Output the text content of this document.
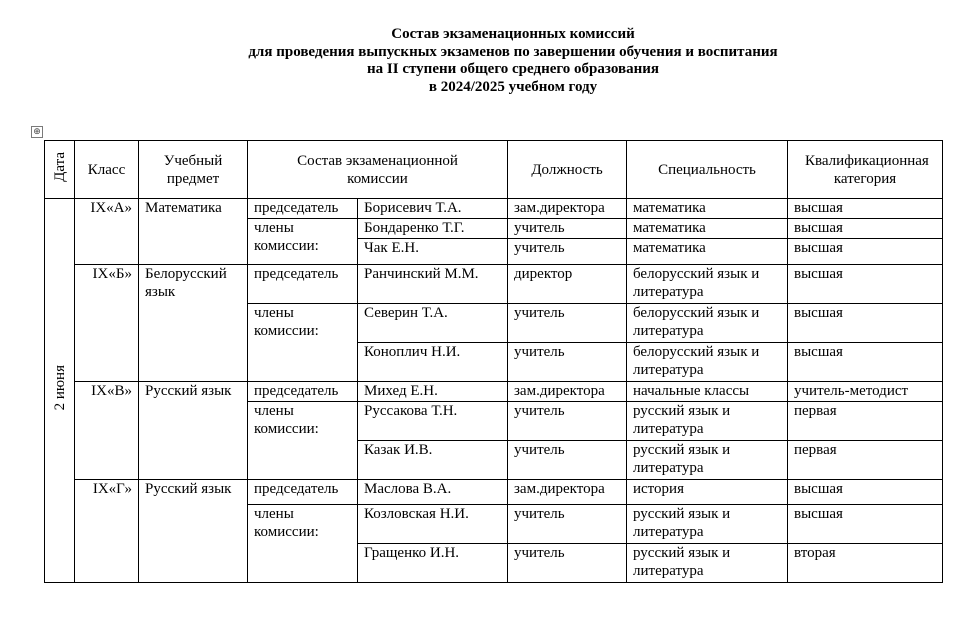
Состав экзаменационных комиссий
для проведения выпускных экзаменов по завершении обучения и воспитания
на II ступени общего среднего образования
в 2024/2025 учебном году
⊕
Дата	Класс	Учебный предмет	Состав экзаменационной комиссии		Должность	Специальность	Квалификационная категория

2 июня	IX«А»	Математика	председатель	Борисевич Т.А.	зам.директора	математика	высшая
			члены комиссии:	Бондаренко Т.Г.	учитель	математика	высшая
				Чак Е.Н.	учитель	математика	высшая
	IX«Б»	Белорусский язык	председатель	Ранчинский М.М.	директор	белорусский язык и литература	высшая
			члены комиссии:	Северин Т.А.	учитель	белорусский язык и литература	высшая
				Коноплич Н.И.	учитель	белорусский язык и литература	высшая
	IX«В»	Русский язык	председатель	Михед Е.Н.	зам.директора	начальные классы	учитель-методист
			члены комиссии:	Руссакова Т.Н.	учитель	русский язык и литература	первая
				Казак И.В.	учитель	русский язык и литература	первая
	IX«Г»	Русский язык	председатель	Маслова В.А.	зам.директора	история	высшая
			члены комиссии:	Козловская Н.И.	учитель	русский язык и литература	высшая
				Гращенко И.Н.	учитель	русский язык и литература	вторая
